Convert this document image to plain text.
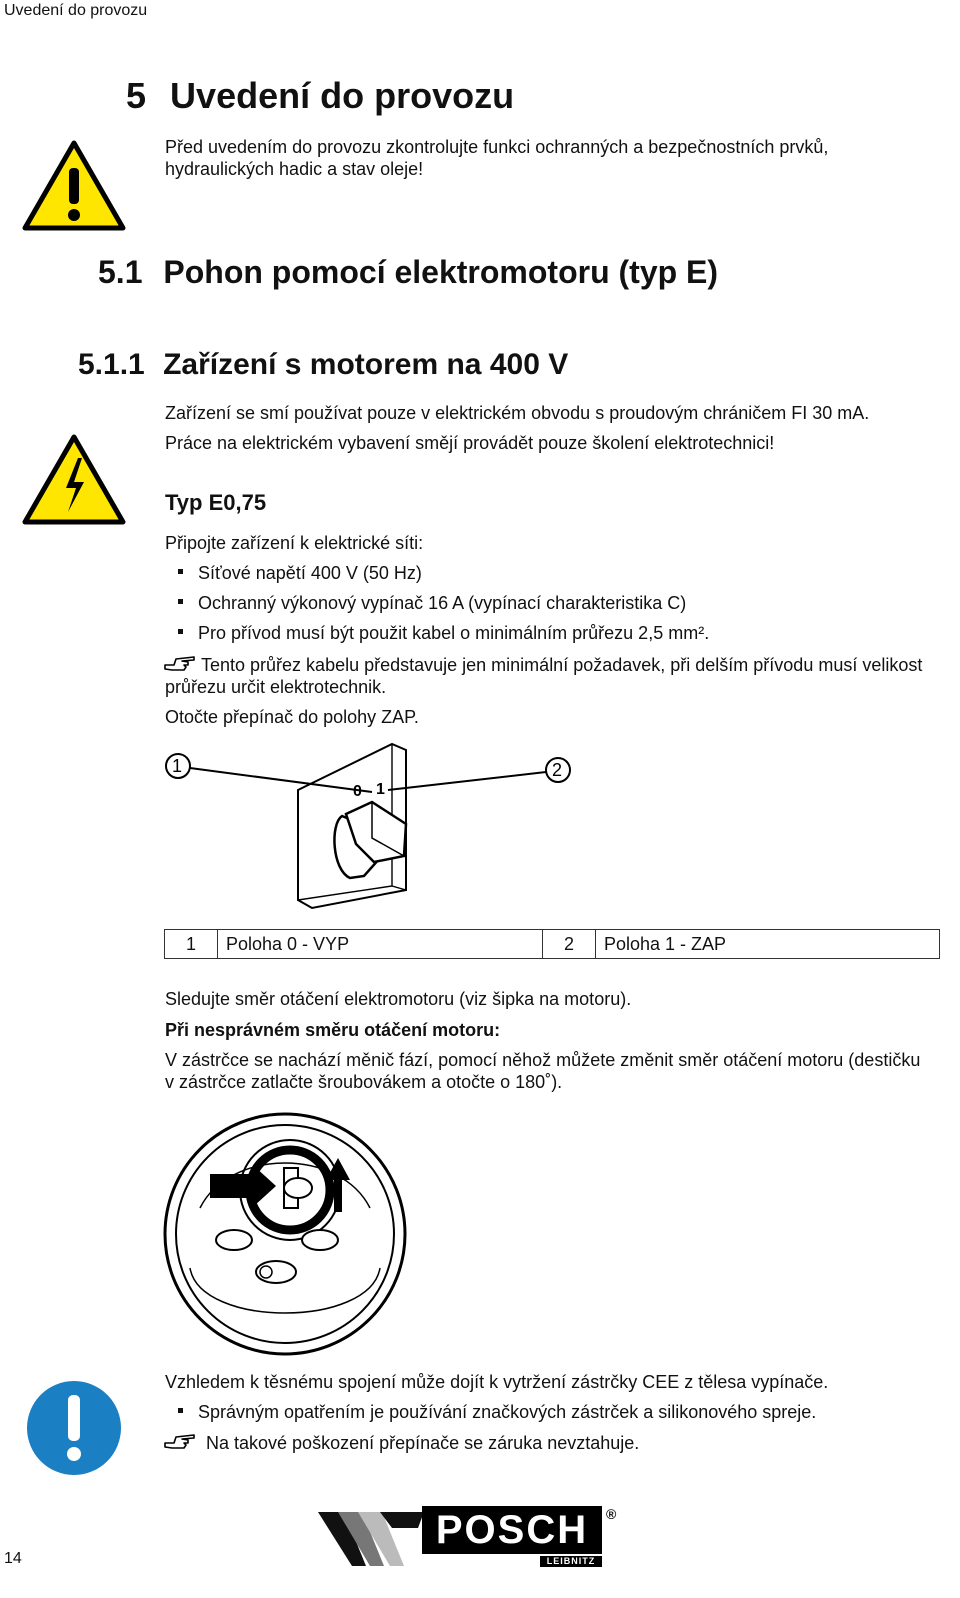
Uvedení do provozu
5 Uvedení do provozu
Před uvedením do provozu zkontrolujte funkci ochranných a bezpečnostních prvků, hydraulických hadic a stav oleje!
5.1 Pohon pomocí elektromotoru (typ E)
5.1.1 Zařízení s motorem na 400 V
Zařízení se smí používat pouze v elektrickém obvodu s proudovým chráničem FI 30 mA.
Práce na elektrickém vybavení smějí provádět pouze školení elektrotechnici!
Typ E0,75
Připojte zařízení k elektrické síti:
Síťové napětí 400 V (50 Hz)
Ochranný výkonový vypínač 16 A (vypínací charakteristika C)
Pro přívod musí být použit kabel o minimálním průřezu 2,5 mm².
Tento průřez kabelu představuje jen minimální požadavek, při delším přívodu musí velikost průřezu určit elektrotechnik.
Otočte přepínač do polohy ZAP.
1	2
0 1
1	Poloha 0 - VYP	2	Poloha 1 - ZAP
Sledujte směr otáčení elektromotoru (viz šipka na motoru).
Při nesprávném směru otáčení motoru:
V zástrčce se nachází měnič fází, pomocí něhož můžete změnit směr otáčení motoru (destičku v zástrčce zatlačte šroubovákem a otočte o 180˚).
Vzhledem k těsnému spojení může dojít k vytržení zástrčky CEE z tělesa vypínače.
Správným opatřením je používání značkových zástrček a silikonového spreje.
Na takové poškození přepínače se záruka nevztahuje.
14
POSCH
LEIBNITZ
®
